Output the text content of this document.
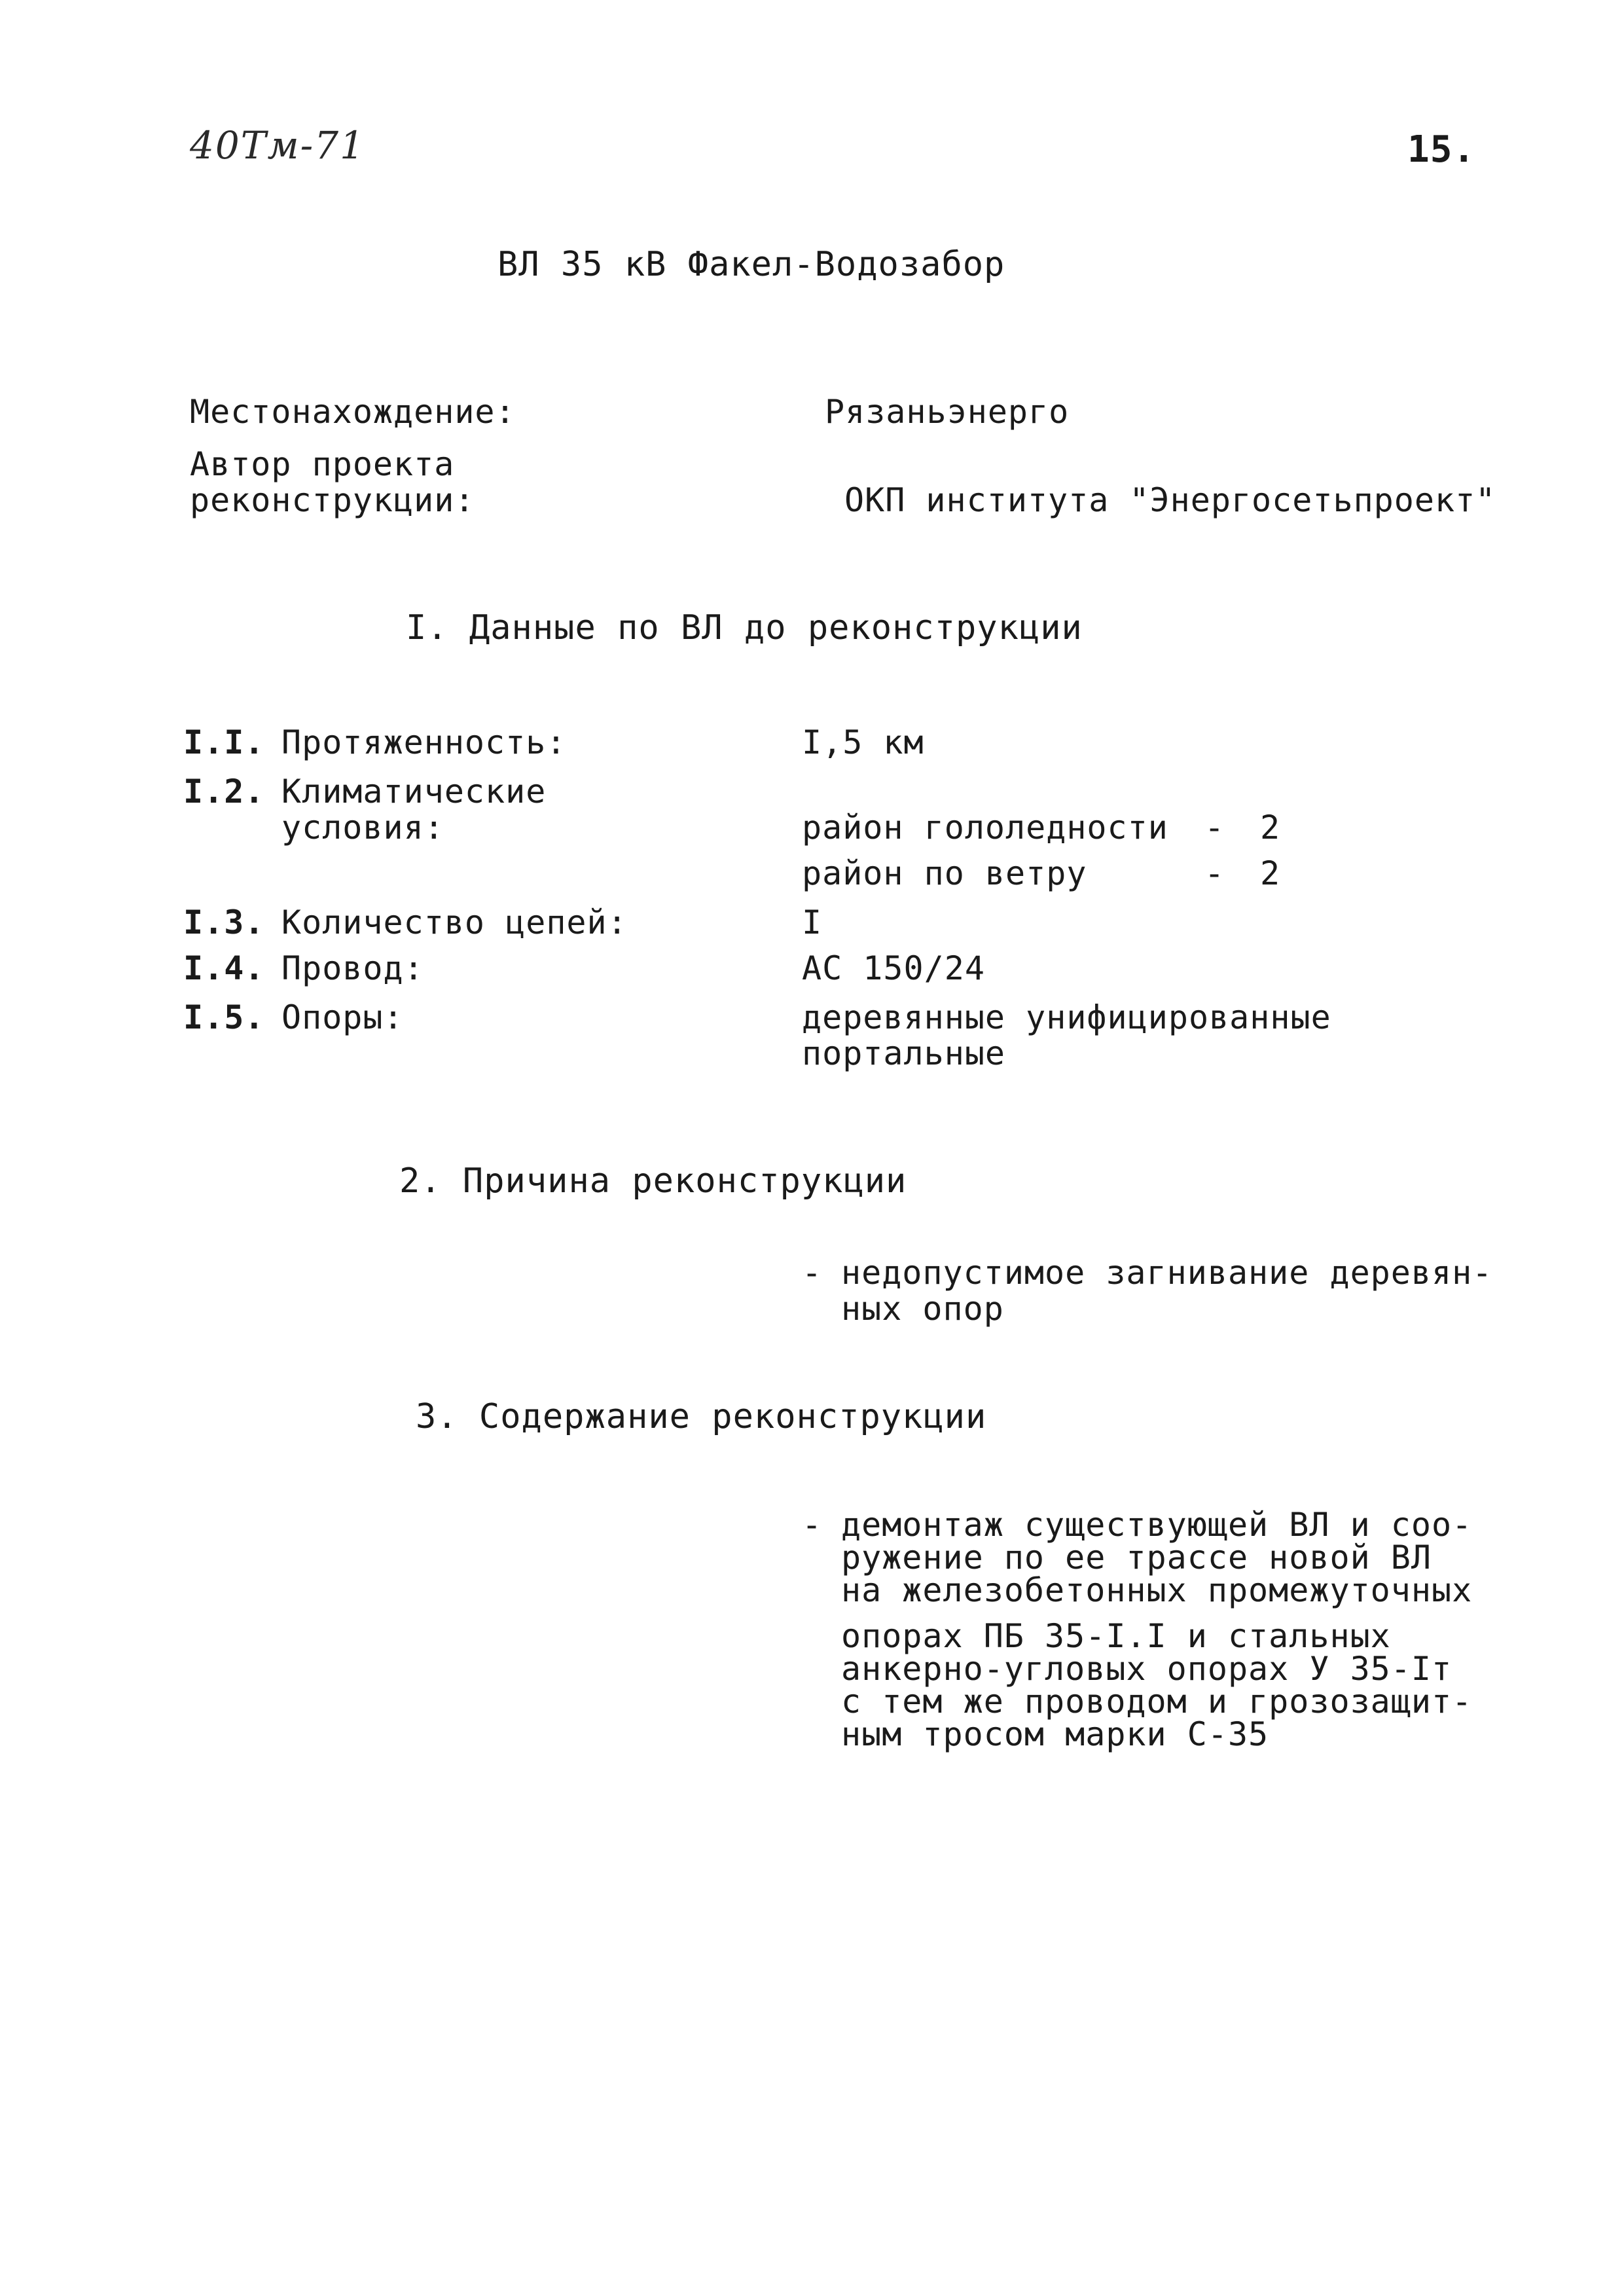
40Тм-71	15.
ВЛ 35 кВ Факел-Водозабор
Местонахождение:	Рязаньэнерго
Автор проекта
реконструкции:	ОКП института "Энергосетьпроект"
I. Данные по ВЛ до реконструкции
I.I. Протяженность:	I,5 км
I.2. Климатические
условия:	район гололедности - 2
район по ветру	- 2
I.3. Количество цепей:	I
I.4. Провод:	АС 150/24
I.5. Опоры:	деревянные унифицированные
портальные
2. Причина реконструкции
- недопустимое загнивание деревян-
ных опор
3. Содержание реконструкции
- демонтаж существующей ВЛ и соо-
ружение по ее трассе новой ВЛ
на железобетонных промежуточных
опорах ПБ 35-I.I и стальных
анкерно-угловых опорах У 35-Iт
с тем же проводом и грозозащит-
ным тросом марки С-35
